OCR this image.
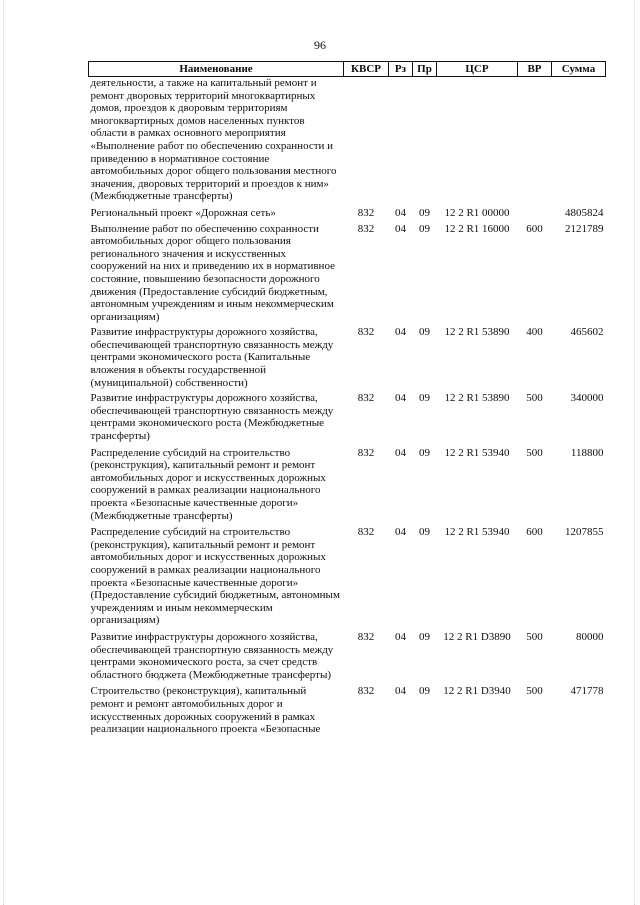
96
Наименование	КВСР	Рз	Пр	ЦСР	ВР	Сумма
деятельности, а также на капитальный ремонт и ремонт дворовых территорий многоквартирных домов, проездов к дворовым территориям многоквартирных домов населенных пунктов области в рамках основного мероприятия «Выполнение работ по обеспечению сохранности и приведению в нормативное состояние автомобильных дорог общего пользования местного значения, дворовых территорий и проездов к ним» (Межбюджетные трансферты)						
Региональный проект «Дорожная сеть»	832	04	09	12 2 R1 00000		4805824
Выполнение работ по обеспечению сохранности автомобильных дорог общего пользования регионального значения и искусственных сооружений на них и приведению их в нормативное состояние, повышению безопасности дорожного движения (Предоставление субсидий бюджетным, автономным учреждениям и иным некоммерческим организациям)	832	04	09	12 2 R1 16000	600	2121789
Развитие инфраструктуры дорожного хозяйства, обеспечивающей транспортную связанность между центрами экономического роста (Капитальные вложения в объекты государственной (муниципальной) собственности)	832	04	09	12 2 R1 53890	400	465602
Развитие инфраструктуры дорожного хозяйства, обеспечивающей транспортную связанность между центрами экономического роста (Межбюджетные трансферты)	832	04	09	12 2 R1 53890	500	340000
Распределение субсидий на строительство (реконструкция), капитальный ремонт и ремонт автомобильных дорог и искусственных дорожных сооружений в рамках реализации национального проекта «Безопасные качественные дороги» (Межбюджетные трансферты)	832	04	09	12 2 R1 53940	500	118800
Распределение субсидий на строительство (реконструкция), капитальный ремонт и ремонт автомобильных дорог и искусственных дорожных сооружений в рамках реализации национального проекта «Безопасные качественные дороги» (Предоставление субсидий бюджетным, автономным учреждениям и иным некоммерческим организациям)	832	04	09	12 2 R1 53940	600	1207855
Развитие инфраструктуры дорожного хозяйства, обеспечивающей транспортную связанность между центрами экономического роста, за счет средств областного бюджета (Межбюджетные трансферты)	832	04	09	12 2 R1 D3890	500	80000
Строительство (реконструкция), капитальный ремонт и ремонт автомобильных дорог и искусственных дорожных сооружений в рамках реализации национального проекта «Безопасные	832	04	09	12 2 R1 D3940	500	471778
